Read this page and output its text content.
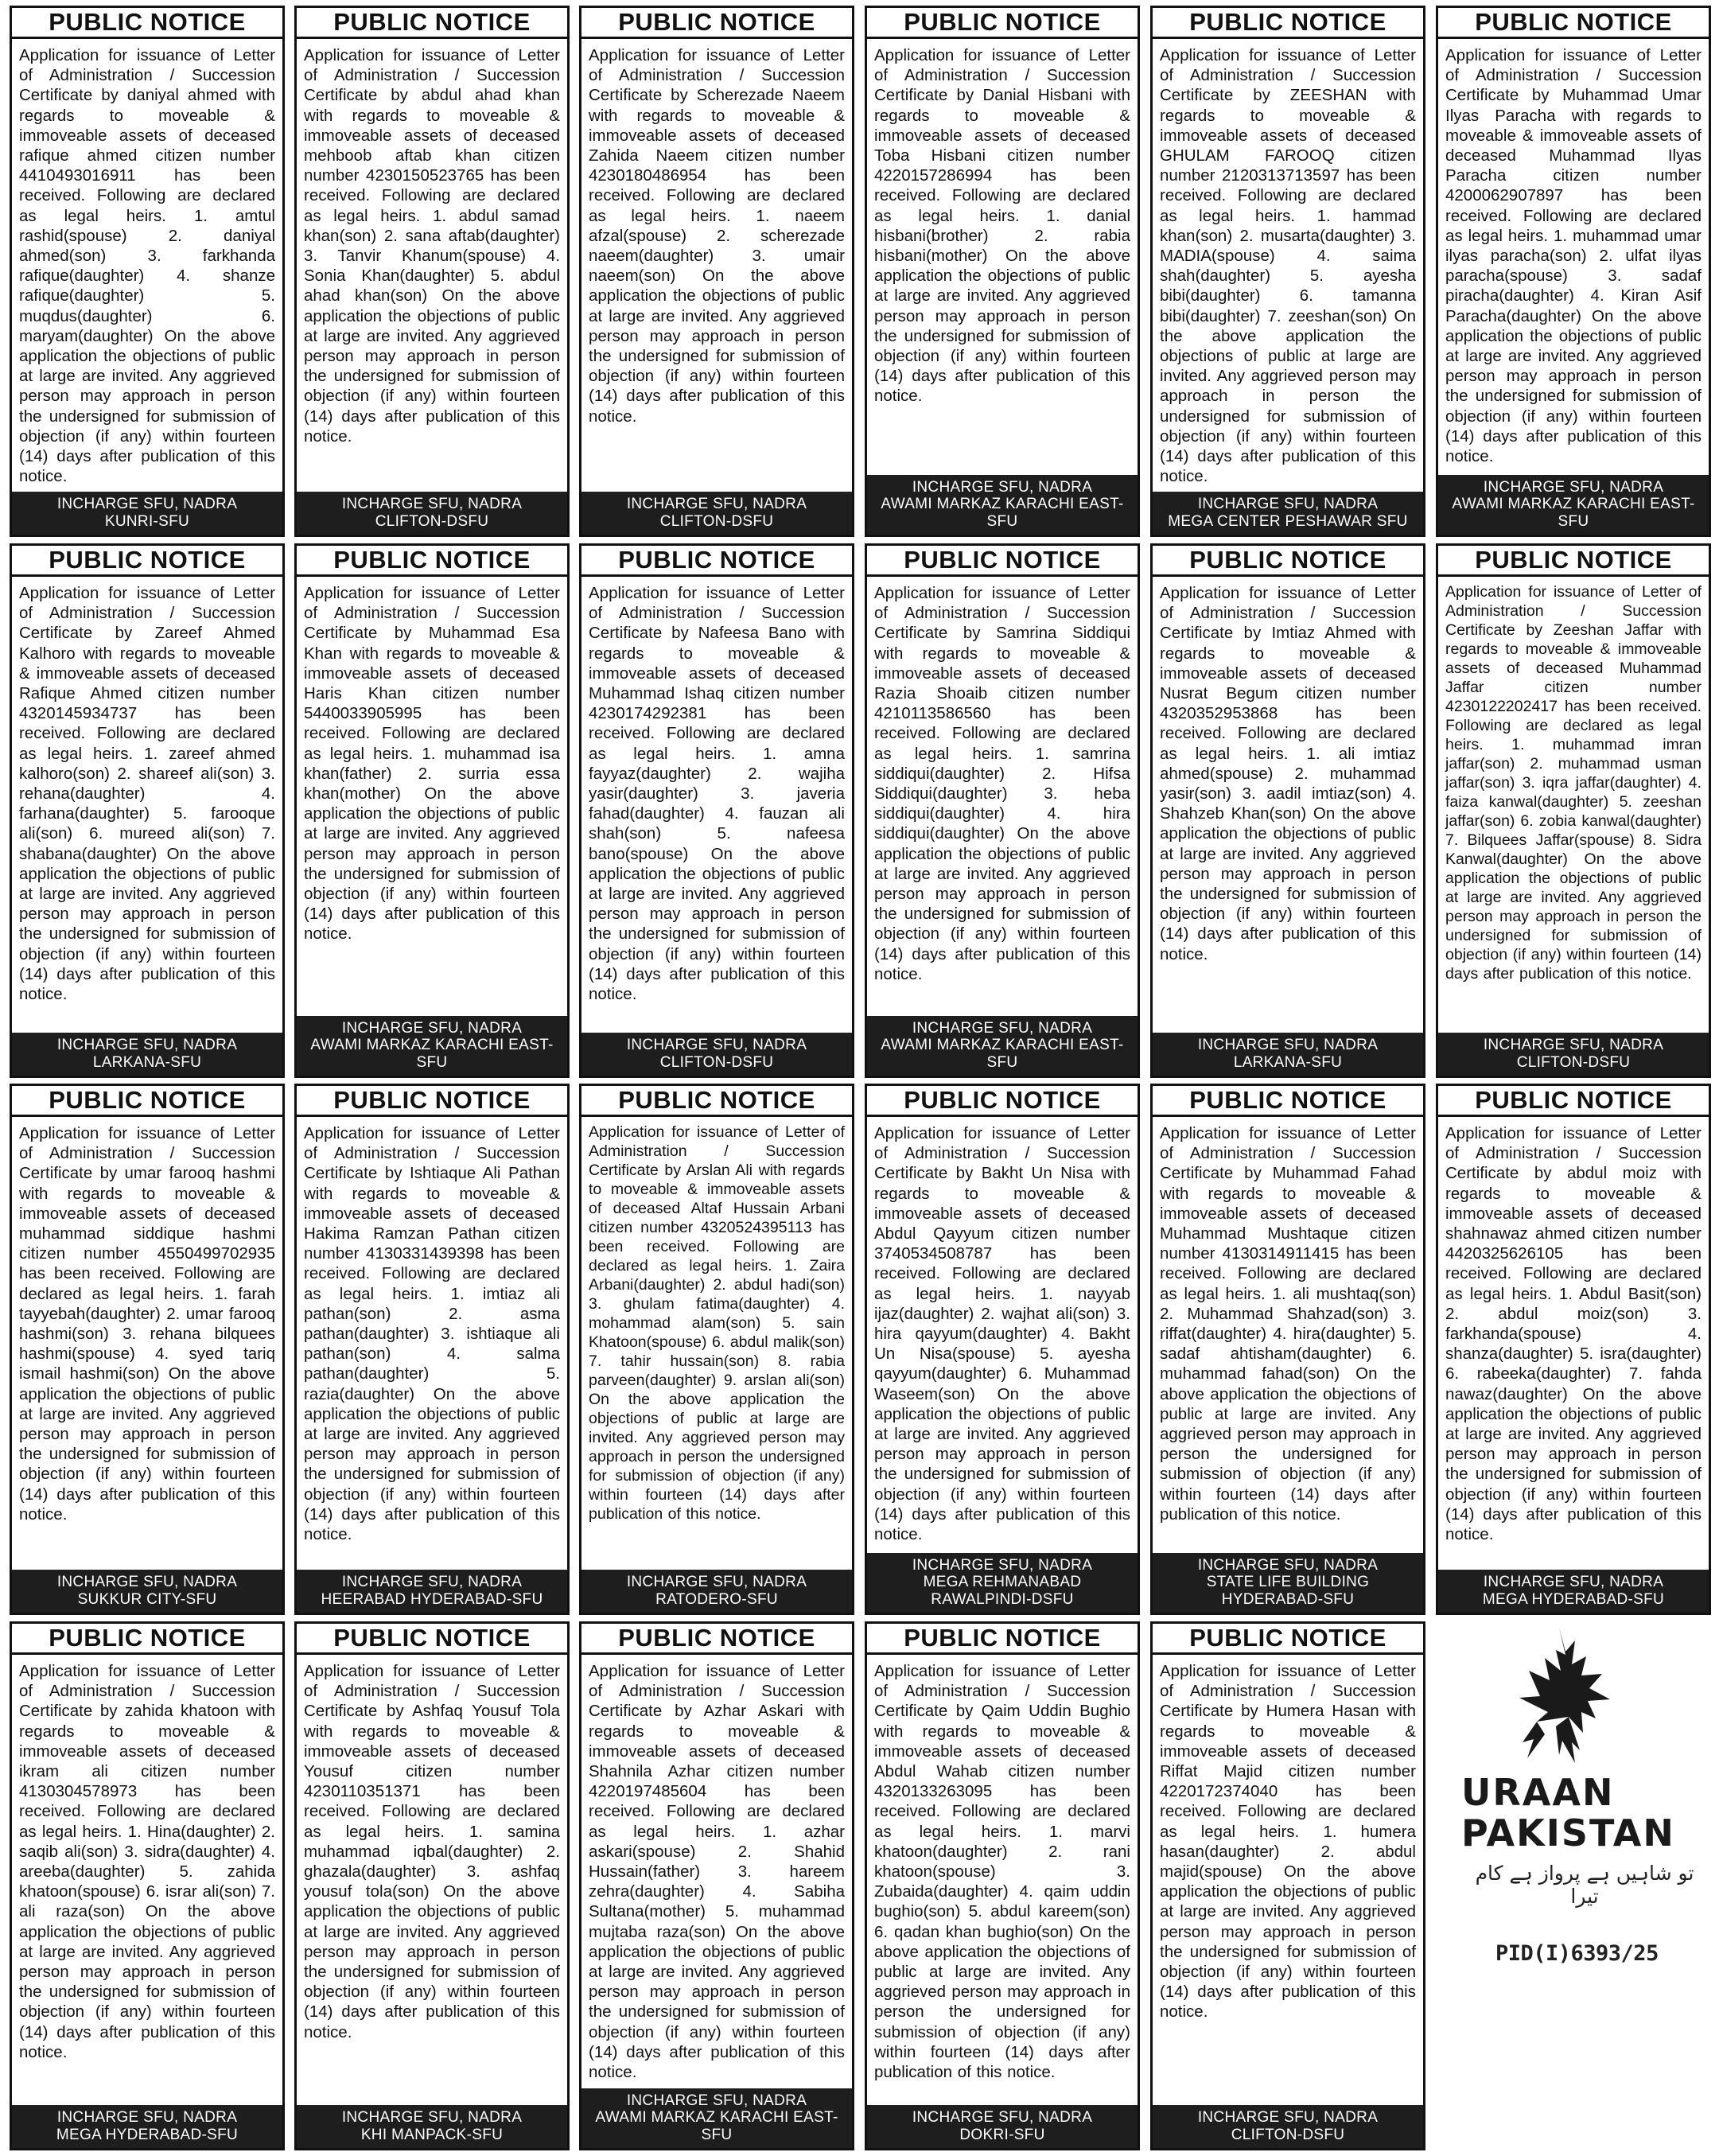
PUBLIC NOTICE
Application for issuance of Letter of Administration / Succession Certificate by daniyal ahmed with regards to moveable & immoveable assets of deceased rafique ahmed citizen number 4410493016911 has been received. Following are declared as legal heirs. 1. amtul rashid(spouse) 2. daniyal ahmed(son) 3. farkhanda rafique(daughter) 4. shanze rafique(daughter) 5. muqdus(daughter) 6. maryam(daughter) On the above application the objections of public at large are invited. Any aggrieved person may approach in person the undersigned for submission of objection (if any) within fourteen (14) days after publication of this notice.
INCHARGE SFU, NADRA
KUNRI-SFU
PUBLIC NOTICE
Application for issuance of Letter of Administration / Succession Certificate by abdul ahad khan with regards to moveable & immoveable assets of deceased mehboob aftab khan citizen number 4230150523765 has been received. Following are declared as legal heirs. 1. abdul samad khan(son) 2. sana aftab(daughter) 3. Tanvir Khanum(spouse) 4. Sonia Khan(daughter) 5. abdul ahad khan(son) On the above application the objections of public at large are invited. Any aggrieved person may approach in person the undersigned for submission of objection (if any) within fourteen (14) days after publication of this notice.
INCHARGE SFU, NADRA
CLIFTON-DSFU
PUBLIC NOTICE
Application for issuance of Letter of Administration / Succession Certificate by Scherezade Naeem with regards to moveable & immoveable assets of deceased Zahida Naeem citizen number 4230180486954 has been received. Following are declared as legal heirs. 1. naeem afzal(spouse) 2. scherezade naeem(daughter) 3. umair naeem(son) On the above application the objections of public at large are invited. Any aggrieved person may approach in person the undersigned for submission of objection (if any) within fourteen (14) days after publication of this notice.
INCHARGE SFU, NADRA
CLIFTON-DSFU
PUBLIC NOTICE
Application for issuance of Letter of Administration / Succession Certificate by Danial Hisbani with regards to moveable & immoveable assets of deceased Toba Hisbani citizen number 4220157286994 has been received. Following are declared as legal heirs. 1. danial hisbani(brother) 2. rabia hisbani(mother) On the above application the objections of public at large are invited. Any aggrieved person may approach in person the undersigned for submission of objection (if any) within fourteen (14) days after publication of this notice.
INCHARGE SFU, NADRA
AWAMI MARKAZ KARACHI EAST-SFU
PUBLIC NOTICE
Application for issuance of Letter of Administration / Succession Certificate by ZEESHAN with regards to moveable & immoveable assets of deceased GHULAM FAROOQ citizen number 2120313713597 has been received. Following are declared as legal heirs. 1. hammad khan(son) 2. musarta(daughter) 3. MADIA(spouse) 4. saima shah(daughter) 5. ayesha bibi(daughter) 6. tamanna bibi(daughter) 7. zeeshan(son) On the above application the objections of public at large are invited. Any aggrieved person may approach in person the undersigned for submission of objection (if any) within fourteen (14) days after publication of this notice.
INCHARGE SFU, NADRA
MEGA CENTER PESHAWAR SFU
PUBLIC NOTICE
Application for issuance of Letter of Administration / Succession Certificate by Muhammad Umar Ilyas Paracha with regards to moveable & immoveable assets of deceased Muhammad Ilyas Paracha citizen number 4200062907897 has been received. Following are declared as legal heirs. 1. muhammad umar ilyas paracha(son) 2. ulfat ilyas paracha(spouse) 3. sadaf piracha(daughter) 4. Kiran Asif Paracha(daughter) On the above application the objections of public at large are invited. Any aggrieved person may approach in person the undersigned for submission of objection (if any) within fourteen (14) days after publication of this notice.
INCHARGE SFU, NADRA
AWAMI MARKAZ KARACHI EAST-SFU
PUBLIC NOTICE
Application for issuance of Letter of Administration / Succession Certificate by Zareef Ahmed Kalhoro with regards to moveable & immoveable assets of deceased Rafique Ahmed citizen number 4320145934737 has been received. Following are declared as legal heirs. 1. zareef ahmed kalhoro(son) 2. shareef ali(son) 3. rehana(daughter) 4. farhana(daughter) 5. farooque ali(son) 6. mureed ali(son) 7. shabana(daughter) On the above application the objections of public at large are invited. Any aggrieved person may approach in person the undersigned for submission of objection (if any) within fourteen (14) days after publication of this notice.
INCHARGE SFU, NADRA
LARKANA-SFU
PUBLIC NOTICE
Application for issuance of Letter of Administration / Succession Certificate by Muhammad Esa Khan with regards to moveable & immoveable assets of deceased Haris Khan citizen number 5440033905995 has been received. Following are declared as legal heirs. 1. muhammad isa khan(father) 2. surria essa khan(mother) On the above application the objections of public at large are invited. Any aggrieved person may approach in person the undersigned for submission of objection (if any) within fourteen (14) days after publication of this notice.
INCHARGE SFU, NADRA
AWAMI MARKAZ KARACHI EAST-SFU
PUBLIC NOTICE
Application for issuance of Letter of Administration / Succession Certificate by Nafeesa Bano with regards to moveable & immoveable assets of deceased Muhammad Ishaq citizen number 4230174292381 has been received. Following are declared as legal heirs. 1. amna fayyaz(daughter) 2. wajiha yasir(daughter) 3. javeria fahad(daughter) 4. fauzan ali shah(son) 5. nafeesa bano(spouse) On the above application the objections of public at large are invited. Any aggrieved person may approach in person the undersigned for submission of objection (if any) within fourteen (14) days after publication of this notice.
INCHARGE SFU, NADRA
CLIFTON-DSFU
PUBLIC NOTICE
Application for issuance of Letter of Administration / Succession Certificate by Samrina Siddiqui with regards to moveable & immoveable assets of deceased Razia Shoaib citizen number 4210113586560 has been received. Following are declared as legal heirs. 1. samrina siddiqui(daughter) 2. Hifsa Siddiqui(daughter) 3. heba siddiqui(daughter) 4. hira siddiqui(daughter) On the above application the objections of public at large are invited. Any aggrieved person may approach in person the undersigned for submission of objection (if any) within fourteen (14) days after publication of this notice.
INCHARGE SFU, NADRA
AWAMI MARKAZ KARACHI EAST-SFU
PUBLIC NOTICE
Application for issuance of Letter of Administration / Succession Certificate by Imtiaz Ahmed with regards to moveable & immoveable assets of deceased Nusrat Begum citizen number 4320352953868 has been received. Following are declared as legal heirs. 1. ali imtiaz ahmed(spouse) 2. muhammad yasir(son) 3. aadil imtiaz(son) 4. Shahzeb Khan(son) On the above application the objections of public at large are invited. Any aggrieved person may approach in person the undersigned for submission of objection (if any) within fourteen (14) days after publication of this notice.
INCHARGE SFU, NADRA
LARKANA-SFU
PUBLIC NOTICE
Application for issuance of Letter of Administration / Succession Certificate by Zeeshan Jaffar with regards to moveable & immoveable assets of deceased Muhammad Jaffar citizen number 4230122202417 has been received. Following are declared as legal heirs. 1. muhammad imran jaffar(son) 2. muhammad usman jaffar(son) 3. iqra jaffar(daughter) 4. faiza kanwal(daughter) 5. zeeshan jaffar(son) 6. zobia kanwal(daughter) 7. Bilquees Jaffar(spouse) 8. Sidra Kanwal(daughter) On the above application the objections of public at large are invited. Any aggrieved person may approach in person the undersigned for submission of objection (if any) within fourteen (14) days after publication of this notice.
INCHARGE SFU, NADRA
CLIFTON-DSFU
PUBLIC NOTICE
Application for issuance of Letter of Administration / Succession Certificate by umar farooq hashmi with regards to moveable & immoveable assets of deceased muhammad siddique hashmi citizen number 4550499702935 has been received. Following are declared as legal heirs. 1. farah tayyebah(daughter) 2. umar farooq hashmi(son) 3. rehana bilquees hashmi(spouse) 4. syed tariq ismail hashmi(son) On the above application the objections of public at large are invited. Any aggrieved person may approach in person the undersigned for submission of objection (if any) within fourteen (14) days after publication of this notice.
INCHARGE SFU, NADRA
SUKKUR CITY-SFU
PUBLIC NOTICE
Application for issuance of Letter of Administration / Succession Certificate by Ishtiaque Ali Pathan with regards to moveable & immoveable assets of deceased Hakima Ramzan Pathan citizen number 4130331439398 has been received. Following are declared as legal heirs. 1. imtiaz ali pathan(son) 2. asma pathan(daughter) 3. ishtiaque ali pathan(son) 4. salma pathan(daughter) 5. razia(daughter) On the above application the objections of public at large are invited. Any aggrieved person may approach in person the undersigned for submission of objection (if any) within fourteen (14) days after publication of this notice.
INCHARGE SFU, NADRA
HEERABAD HYDERABAD-SFU
PUBLIC NOTICE
Application for issuance of Letter of Administration / Succession Certificate by Arslan Ali with regards to moveable & immoveable assets of deceased Altaf Hussain Arbani citizen number 4320524395113 has been received. Following are declared as legal heirs. 1. Zaira Arbani(daughter) 2. abdul hadi(son) 3. ghulam fatima(daughter) 4. mohammad alam(son) 5. sain Khatoon(spouse) 6. abdul malik(son) 7. tahir hussain(son) 8. rabia parveen(daughter) 9. arslan ali(son) On the above application the objections of public at large are invited. Any aggrieved person may approach in person the undersigned for submission of objection (if any) within fourteen (14) days after publication of this notice.
INCHARGE SFU, NADRA
RATODERO-SFU
PUBLIC NOTICE
Application for issuance of Letter of Administration / Succession Certificate by Bakht Un Nisa with regards to moveable & immoveable assets of deceased Abdul Qayyum citizen number 3740534508787 has been received. Following are declared as legal heirs. 1. nayyab ijaz(daughter) 2. wajhat ali(son) 3. hira qayyum(daughter) 4. Bakht Un Nisa(spouse) 5. ayesha qayyum(daughter) 6. Muhammad Waseem(son) On the above application the objections of public at large are invited. Any aggrieved person may approach in person the undersigned for submission of objection (if any) within fourteen (14) days after publication of this notice.
INCHARGE SFU, NADRA
MEGA REHMANABAD RAWALPINDI-DSFU
PUBLIC NOTICE
Application for issuance of Letter of Administration / Succession Certificate by Muhammad Fahad with regards to moveable & immoveable assets of deceased Muhammad Mushtaque citizen number 4130314911415 has been received. Following are declared as legal heirs. 1. ali mushtaq(son) 2. Muhammad Shahzad(son) 3. riffat(daughter) 4. hira(daughter) 5. sadaf ahtisham(daughter) 6. muhammad fahad(son) On the above application the objections of public at large are invited. Any aggrieved person may approach in person the undersigned for submission of objection (if any) within fourteen (14) days after publication of this notice.
INCHARGE SFU, NADRA
STATE LIFE BUILDING HYDERABAD-SFU
PUBLIC NOTICE
Application for issuance of Letter of Administration / Succession Certificate by abdul moiz with regards to moveable & immoveable assets of deceased shahnawaz ahmed citizen number 4420325626105 has been received. Following are declared as legal heirs. 1. Abdul Basit(son) 2. abdul moiz(son) 3. farkhanda(spouse) 4. shanza(daughter) 5. isra(daughter) 6. rabeeka(daughter) 7. fahda nawaz(daughter) On the above application the objections of public at large are invited. Any aggrieved person may approach in person the undersigned for submission of objection (if any) within fourteen (14) days after publication of this notice.
INCHARGE SFU, NADRA
MEGA HYDERABAD-SFU
PUBLIC NOTICE
Application for issuance of Letter of Administration / Succession Certificate by zahida khatoon with regards to moveable & immoveable assets of deceased ikram ali citizen number 4130304578973 has been received. Following are declared as legal heirs. 1. Hina(daughter) 2. saqib ali(son) 3. sidra(daughter) 4. areeba(daughter) 5. zahida khatoon(spouse) 6. israr ali(son) 7. ali raza(son) On the above application the objections of public at large are invited. Any aggrieved person may approach in person the undersigned for submission of objection (if any) within fourteen (14) days after publication of this notice.
INCHARGE SFU, NADRA
MEGA HYDERABAD-SFU
PUBLIC NOTICE
Application for issuance of Letter of Administration / Succession Certificate by Ashfaq Yousuf Tola with regards to moveable & immoveable assets of deceased Yousuf citizen number 4230110351371 has been received. Following are declared as legal heirs. 1. samina muhammad iqbal(daughter) 2. ghazala(daughter) 3. ashfaq yousuf tola(son) On the above application the objections of public at large are invited. Any aggrieved person may approach in person the undersigned for submission of objection (if any) within fourteen (14) days after publication of this notice.
INCHARGE SFU, NADRA
KHI MANPACK-SFU
PUBLIC NOTICE
Application for issuance of Letter of Administration / Succession Certificate by Azhar Askari with regards to moveable & immoveable assets of deceased Shahnila Azhar citizen number 4220197485604 has been received. Following are declared as legal heirs. 1. azhar askari(spouse) 2. Shahid Hussain(father) 3. hareem zehra(daughter) 4. Sabiha Sultana(mother) 5. muhammad mujtaba raza(son) On the above application the objections of public at large are invited. Any aggrieved person may approach in person the undersigned for submission of objection (if any) within fourteen (14) days after publication of this notice.
INCHARGE SFU, NADRA
AWAMI MARKAZ KARACHI EAST-SFU
PUBLIC NOTICE
Application for issuance of Letter of Administration / Succession Certificate by Qaim Uddin Bughio with regards to moveable & immoveable assets of deceased Abdul Wahab citizen number 4320133263095 has been received. Following are declared as legal heirs. 1. marvi khatoon(daughter) 2. rani khatoon(spouse) 3. Zubaida(daughter) 4. qaim uddin bughio(son) 5. abdul kareem(son) 6. qadan khan bughio(son) On the above application the objections of public at large are invited. Any aggrieved person may approach in person the undersigned for submission of objection (if any) within fourteen (14) days after publication of this notice.
INCHARGE SFU, NADRA
DOKRI-SFU
PUBLIC NOTICE
Application for issuance of Letter of Administration / Succession Certificate by Humera Hasan with regards to moveable & immoveable assets of deceased Riffat Majid citizen number 4220172374040 has been received. Following are declared as legal heirs. 1. humera hasan(daughter) 2. abdul majid(spouse) On the above application the objections of public at large are invited. Any aggrieved person may approach in person the undersigned for submission of objection (if any) within fourteen (14) days after publication of this notice.
INCHARGE SFU, NADRA
CLIFTON-DSFU
URAAN
PAKISTAN
تو شاہیں ہے پرواز ہے کام تیرا
PID(I)6393/25
